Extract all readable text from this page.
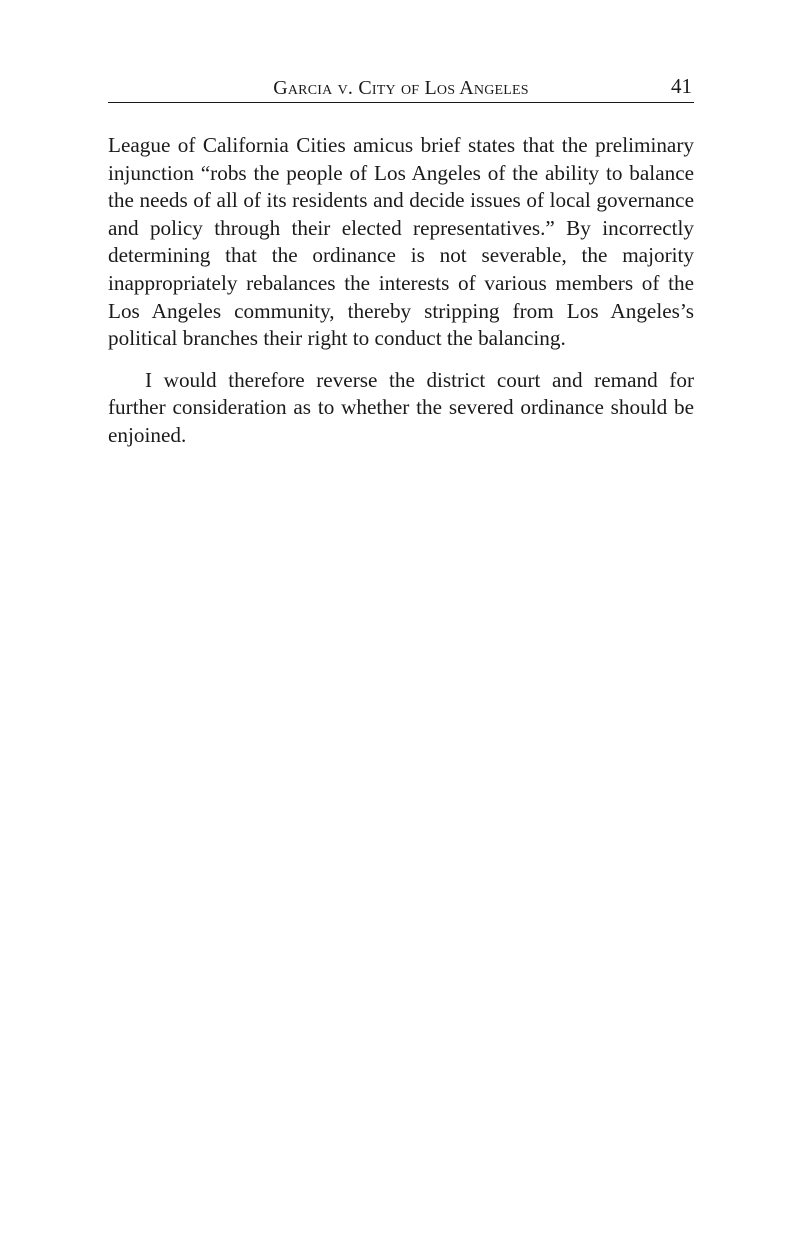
Garcia v. City of Los Angeles	41

League of California Cities amicus brief states that the preliminary injunction “robs the people of Los Angeles of the ability to balance the needs of all of its residents and decide issues of local governance and policy through their elected representatives.” By incorrectly determining that the ordinance is not severable, the majority inappropriately rebalances the interests of various members of the Los Angeles community, thereby stripping from Los Angeles’s political branches their right to conduct the balancing.

I would therefore reverse the district court and remand for further consideration as to whether the severed ordinance should be enjoined.
